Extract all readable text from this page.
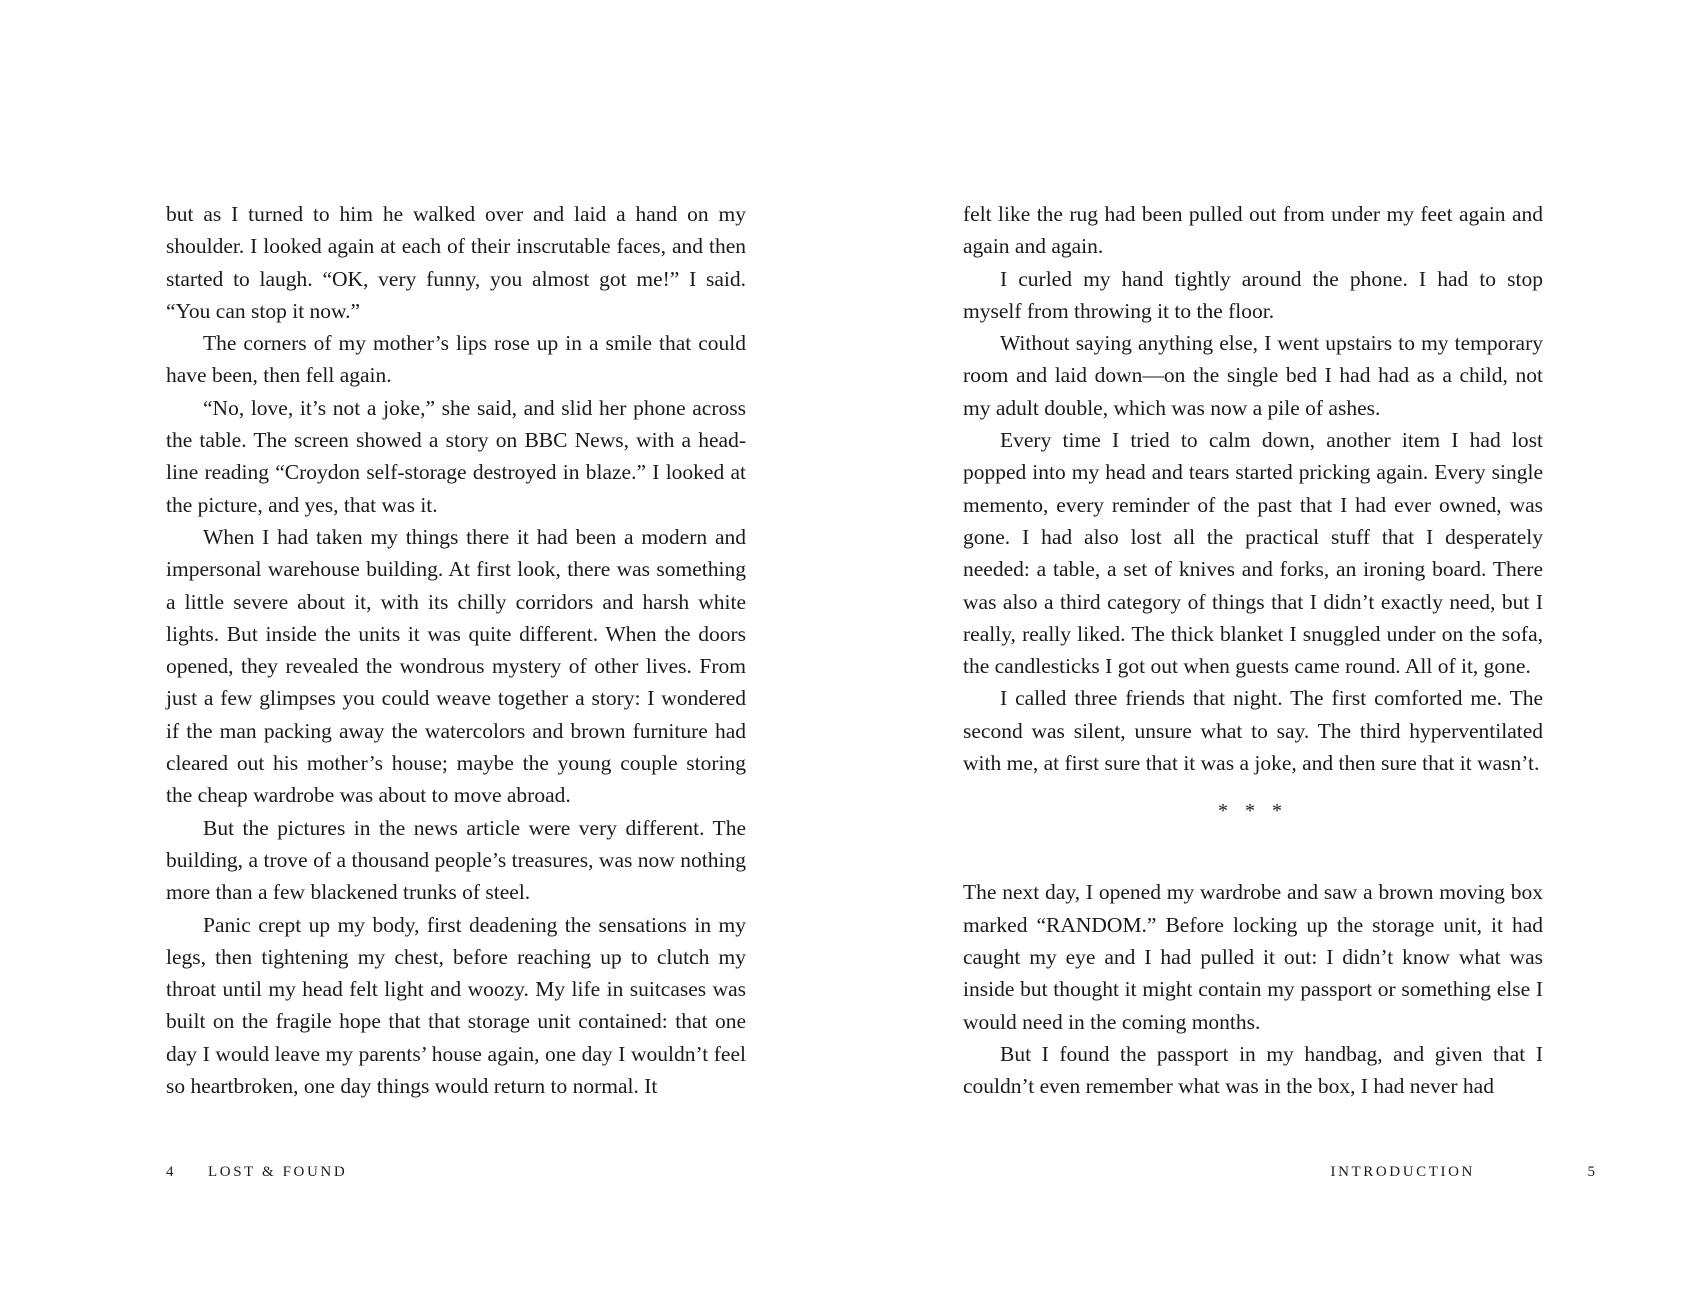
but as I turned to him he walked over and laid a hand on my shoulder. I looked again at each of their inscrutable faces, and then started to laugh. “OK, very funny, you almost got me!” I said. “You can stop it now.”

The corners of my mother’s lips rose up in a smile that could have been, then fell again.

“No, love, it’s not a joke,” she said, and slid her phone across the table. The screen showed a story on BBC News, with a headline reading “Croydon self-storage destroyed in blaze.” I looked at the picture, and yes, that was it.

When I had taken my things there it had been a modern and impersonal warehouse building. At first look, there was something a little severe about it, with its chilly corridors and harsh white lights. But inside the units it was quite different. When the doors opened, they revealed the wondrous mystery of other lives. From just a few glimpses you could weave together a story: I wondered if the man packing away the watercolors and brown furniture had cleared out his mother’s house; maybe the young couple storing the cheap wardrobe was about to move abroad.

But the pictures in the news article were very different. The building, a trove of a thousand people’s treasures, was now nothing more than a few blackened trunks of steel.

Panic crept up my body, first deadening the sensations in my legs, then tightening my chest, before reaching up to clutch my throat until my head felt light and woozy. My life in suitcases was built on the fragile hope that that storage unit contained: that one day I would leave my parents’ house again, one day I wouldn’t feel so heartbroken, one day things would return to normal. It

4 LOST & FOUND

felt like the rug had been pulled out from under my feet again and again and again.

I curled my hand tightly around the phone. I had to stop myself from throwing it to the floor.

Without saying anything else, I went upstairs to my temporary room and laid down—on the single bed I had had as a child, not my adult double, which was now a pile of ashes.

Every time I tried to calm down, another item I had lost popped into my head and tears started pricking again. Every single memento, every reminder of the past that I had ever owned, was gone. I had also lost all the practical stuff that I desperately needed: a table, a set of knives and forks, an ironing board. There was also a third category of things that I didn’t exactly need, but I really, really liked. The thick blanket I snuggled under on the sofa, the candlesticks I got out when guests came round. All of it, gone.

I called three friends that night. The first comforted me. The second was silent, unsure what to say. The third hyperventilated with me, at first sure that it was a joke, and then sure that it wasn’t.

* * *

The next day, I opened my wardrobe and saw a brown moving box marked “RANDOM.” Before locking up the storage unit, it had caught my eye and I had pulled it out: I didn’t know what was inside but thought it might contain my passport or something else I would need in the coming months.

But I found the passport in my handbag, and given that I couldn’t even remember what was in the box, I had never had

INTRODUCTION	5
